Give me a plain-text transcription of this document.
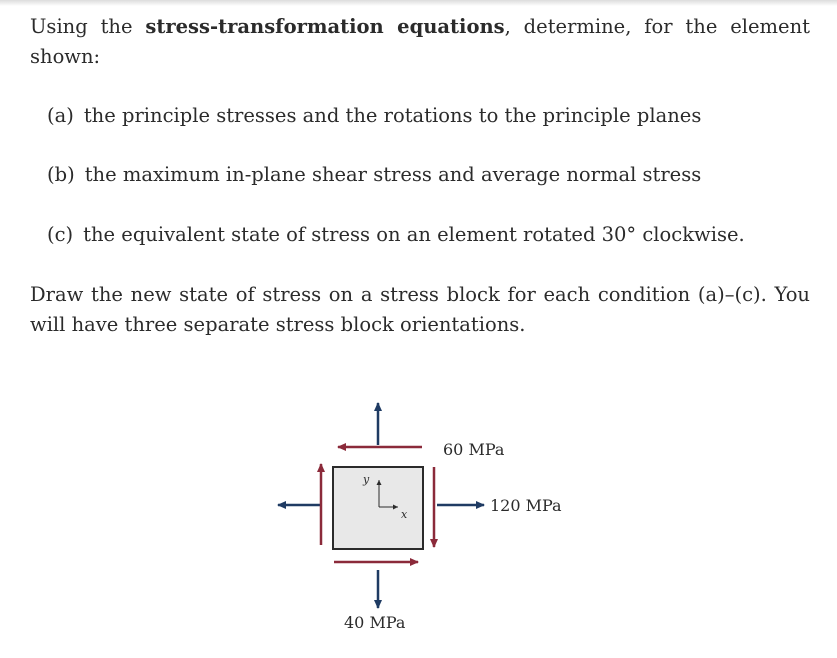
Using the stress-transformation equations, determine, for the element shown:
(a) the principle stresses and the rotations to the principle planes
(b) the maximum in-plane shear stress and average normal stress
(c) the equivalent state of stress on an element rotated 30° clockwise.
Draw the new state of stress on a stress block for each condition (a)–(c). You will have three separate stress block orientations.
y
x
60 MPa
120 MPa
40 MPa
